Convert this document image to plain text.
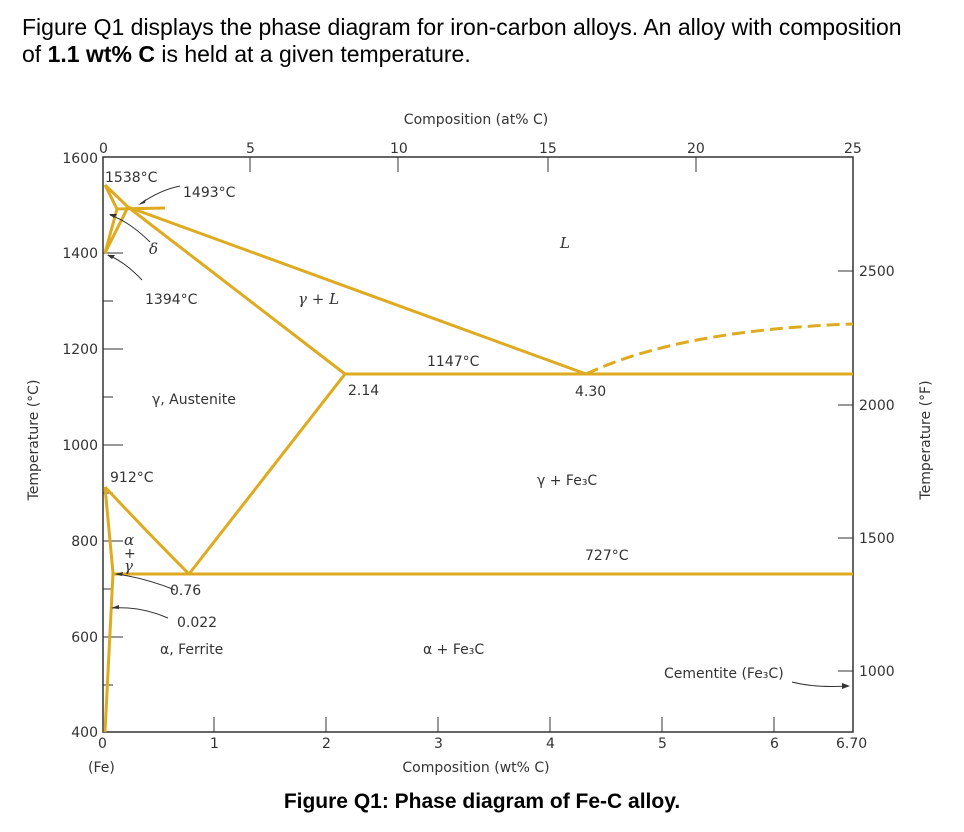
Figure Q1 displays the phase diagram for iron-carbon alloys. An alloy with composition
of 1.1 wt% C is held at a given temperature.
0	5	10	15	20	25
Composition (at% C)
0	1	2	3	4	5	6	6.70
(Fe)	Composition (wt% C)
1600
1400
1200
1000
800
600
400
Temperature (°C)
2500
2000
1500
1000
Temperature (°F)
1538°C
1493°C
δ
1394°C
L
γ + L
1147°C
2.14	4.30
γ, Austenite
912°C	γ + Fe₃C
α
+
γ
727°C
0.76
0.022
α, Ferrite	α + Fe₃C
Cementite (Fe₃C)
Figure Q1: Phase diagram of Fe-C alloy.
